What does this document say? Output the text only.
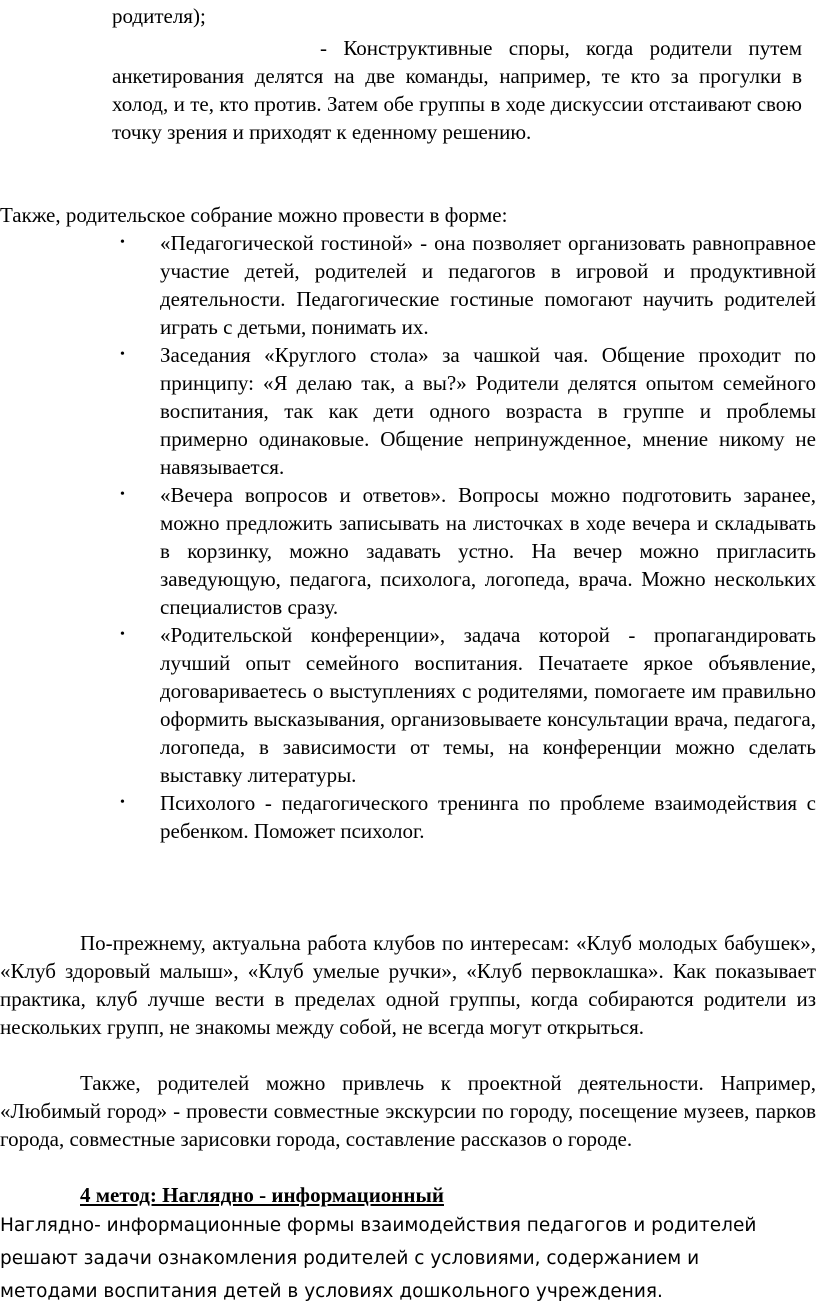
родителя);

- Конструктивные споры, когда родители путем анкетирования делятся на две команды, например, те кто за прогулки в холод, и те, кто против. Затем обе группы в ходе дискуссии отстаивают свою точку зрения и приходят к еденному решению.

Также, родительское собрание можно провести в форме:

• «Педагогической гостиной» - она позволяет организовать равноправное участие детей, родителей и педагогов в игровой и продуктивной деятельности. Педагогические гостиные помогают научить родителей играть с детьми, понимать их.
• Заседания «Круглого стола» за чашкой чая. Общение проходит по принципу: «Я делаю так, а вы?» Родители делятся опытом семейного воспитания, так как дети одного возраста в группе и проблемы примерно одинаковые. Общение непринужденное, мнение никому не навязывается.
• «Вечера вопросов и ответов». Вопросы можно подготовить заранее, можно предложить записывать на листочках в ходе вечера и складывать в корзинку, можно задавать устно. На вечер можно пригласить заведующую, педагога, психолога, логопеда, врача. Можно нескольких специалистов сразу.
• «Родительской конференции», задача которой - пропагандировать лучший опыт семейного воспитания. Печатаете яркое объявление, договариваетесь о выступлениях с родителями, помогаете им правильно оформить высказывания, организовываете консультации врача, педагога, логопеда, в зависимости от темы, на конференции можно сделать выставку литературы.
• Психолого - педагогического тренинга по проблеме взаимодействия с ребенком. Поможет психолог.

По-прежнему, актуальна работа клубов по интересам: «Клуб молодых бабушек», «Клуб здоровый малыш», «Клуб умелые ручки», «Клуб первоклашка». Как показывает практика, клуб лучше вести в пределах одной группы, когда собираются родители из нескольких групп, не знакомы между собой, не всегда могут открыться.

Также, родителей можно привлечь к проектной деятельности. Например, «Любимый город» - провести совместные экскурсии по городу, посещение музеев, парков города, совместные зарисовки города, составление рассказов о городе.

4 метод: Наглядно - информационный

Наглядно- информационные формы взаимодействия педагогов и родителей
решают задачи ознакомления родителей с условиями, содержанием и
методами воспитания детей в условиях дошкольного учреждения.
